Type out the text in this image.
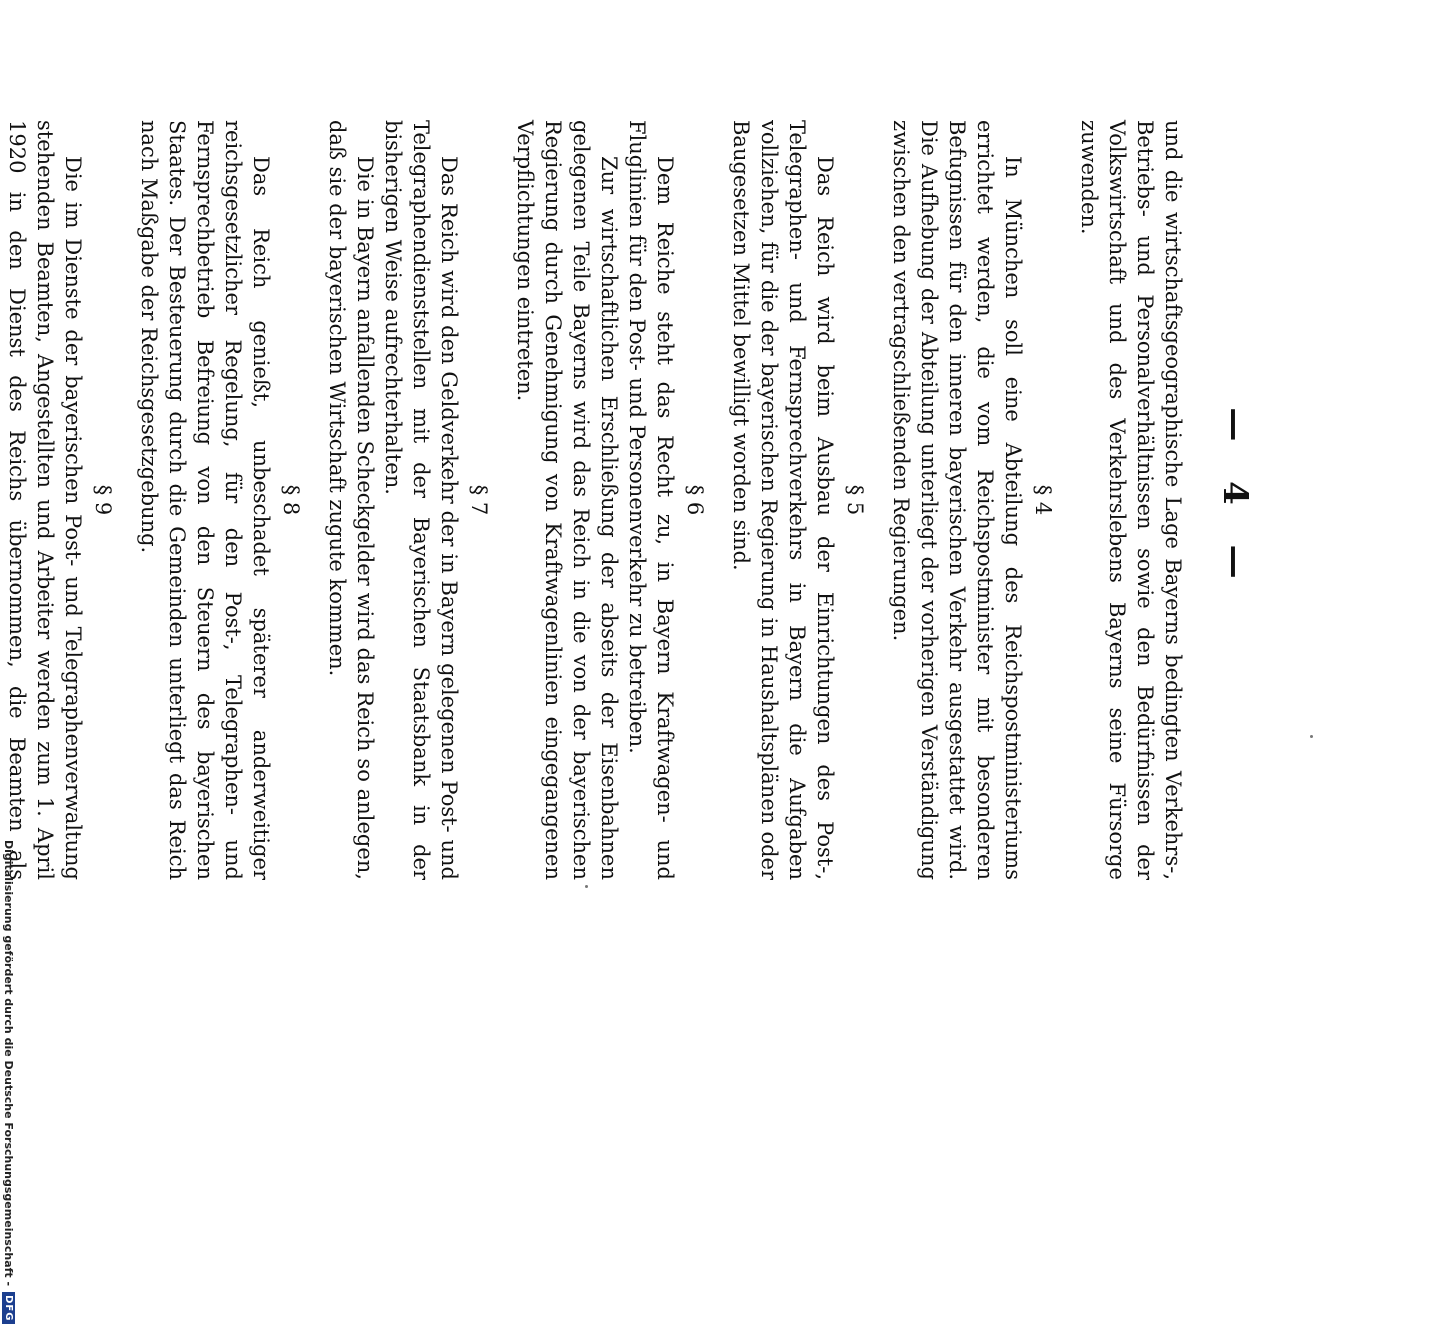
— 4 —

und die wirtschaftsgeographische Lage Bayerns bedingten Verkehrs-, Betriebs- und Personalverhältnissen sowie den Bedürfnissen der Volkswirtschaft und des Verkehrslebens Bayerns seine Fürsorge zuwenden.

§ 4

In München soll eine Abteilung des Reichspostministeriums errichtet werden, die vom Reichspostminister mit besonderen Befugnissen für den inneren bayerischen Verkehr ausgestattet wird. Die Aufhebung der Abteilung unterliegt der vorherigen Verständigung zwischen den vertragschließenden Regierungen.

§ 5

Das Reich wird beim Ausbau der Einrichtungen des Post-, Telegraphen- und Fernsprechverkehrs in Bayern die Aufgaben vollziehen, für die der bayerischen Regierung in Haushaltsplänen oder Baugesetzen Mittel bewilligt worden sind.

§ 6

Dem Reiche steht das Recht zu, in Bayern Kraftwagen- und Fluglinien für den Post- und Personenverkehr zu betreiben.

Zur wirtschaftlichen Erschließung der abseits der Eisenbahnen gelegenen Teile Bayerns wird das Reich in die von der bayerischen Regierung durch Genehmigung von Kraftwagenlinien eingegangenen Verpflichtungen eintreten.

§ 7

Das Reich wird den Geldverkehr der in Bayern gelegenen Post- und Telegraphendienststellen mit der Bayerischen Staatsbank in der bisherigen Weise aufrechterhalten.

Die in Bayern anfallenden Scheckgelder wird das Reich so anlegen, daß sie der bayerischen Wirtschaft zugute kommen.

§ 8

Das Reich genießt, unbeschadet späterer anderweitiger reichsgesetzlicher Regelung, für den Post-, Telegraphen- und Fernsprechbetrieb Befreiung von den Steuern des bayerischen Staates. Der Besteuerung durch die Gemeinden unterliegt das Reich nach Maßgabe der Reichsgesetzgebung.

§ 9

Die im Dienste der bayerischen Post- und Telegraphenverwaltung stehenden Beamten, Angestellten und Arbeiter werden zum 1. April 1920 in den Dienst des Reichs übernommen, die Beamten als

Digitalisierung gefördert durch die Deutsche Forschungsgemeinschaft -
DFG
